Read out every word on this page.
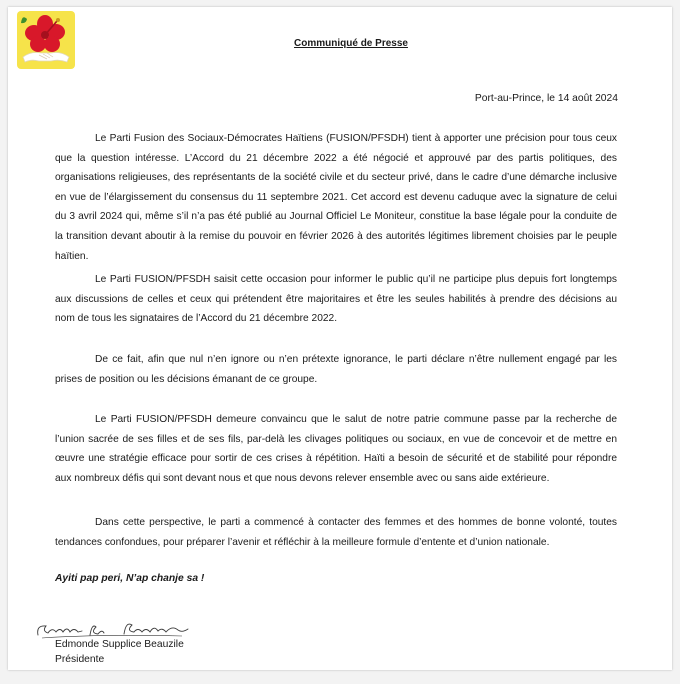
Communiqué de Presse
Port-au-Prince, le 14 août 2024
Le Parti Fusion des Sociaux-Démocrates Haïtiens (FUSION/PFSDH) tient à apporter une précision pour tous ceux que la question intéresse. L’Accord du 21 décembre 2022 a été négocié et approuvé par des partis politiques, des organisations religieuses, des représentants de la société civile et du secteur privé, dans le cadre d’une démarche inclusive en vue de l’élargissement du consensus du 11 septembre 2021. Cet accord est devenu caduque avec la signature de celui du 3 avril 2024 qui, même s’il n’a pas été publié au Journal Officiel Le Moniteur, constitue la base légale pour la conduite de la transition devant aboutir à la remise du pouvoir en février 2026 à des autorités légitimes librement choisies par le peuple haïtien.
Le Parti FUSION/PFSDH saisit cette occasion pour informer le public qu’il ne participe plus depuis fort longtemps aux discussions de celles et ceux qui prétendent être majoritaires et être les seules habilités à prendre des décisions au nom de tous les signataires de l’Accord du 21 décembre 2022.
De ce fait, afin que nul n’en ignore ou n’en prétexte ignorance, le parti déclare n’être nullement engagé par les prises de position ou les décisions émanant de ce groupe.
Le Parti FUSION/PFSDH demeure convaincu que le salut de notre patrie commune passe par la recherche de l’union sacrée de ses filles et de ses fils, par-delà les clivages politiques ou sociaux, en vue de concevoir et de mettre en œuvre une stratégie efficace pour sortir de ces crises à répétition. Haïti a besoin de sécurité et de stabilité pour répondre aux nombreux défis qui sont devant nous et que nous devons relever ensemble avec ou sans aide extérieure.
Dans cette perspective, le parti a commencé à contacter des femmes et des hommes de bonne volonté, toutes tendances confondues, pour préparer l’avenir et réfléchir à la meilleure formule d’entente et d’union nationale.
Ayiti pap peri, N’ap chanje sa !
Edmonde Supplice Beauzile
Présidente
